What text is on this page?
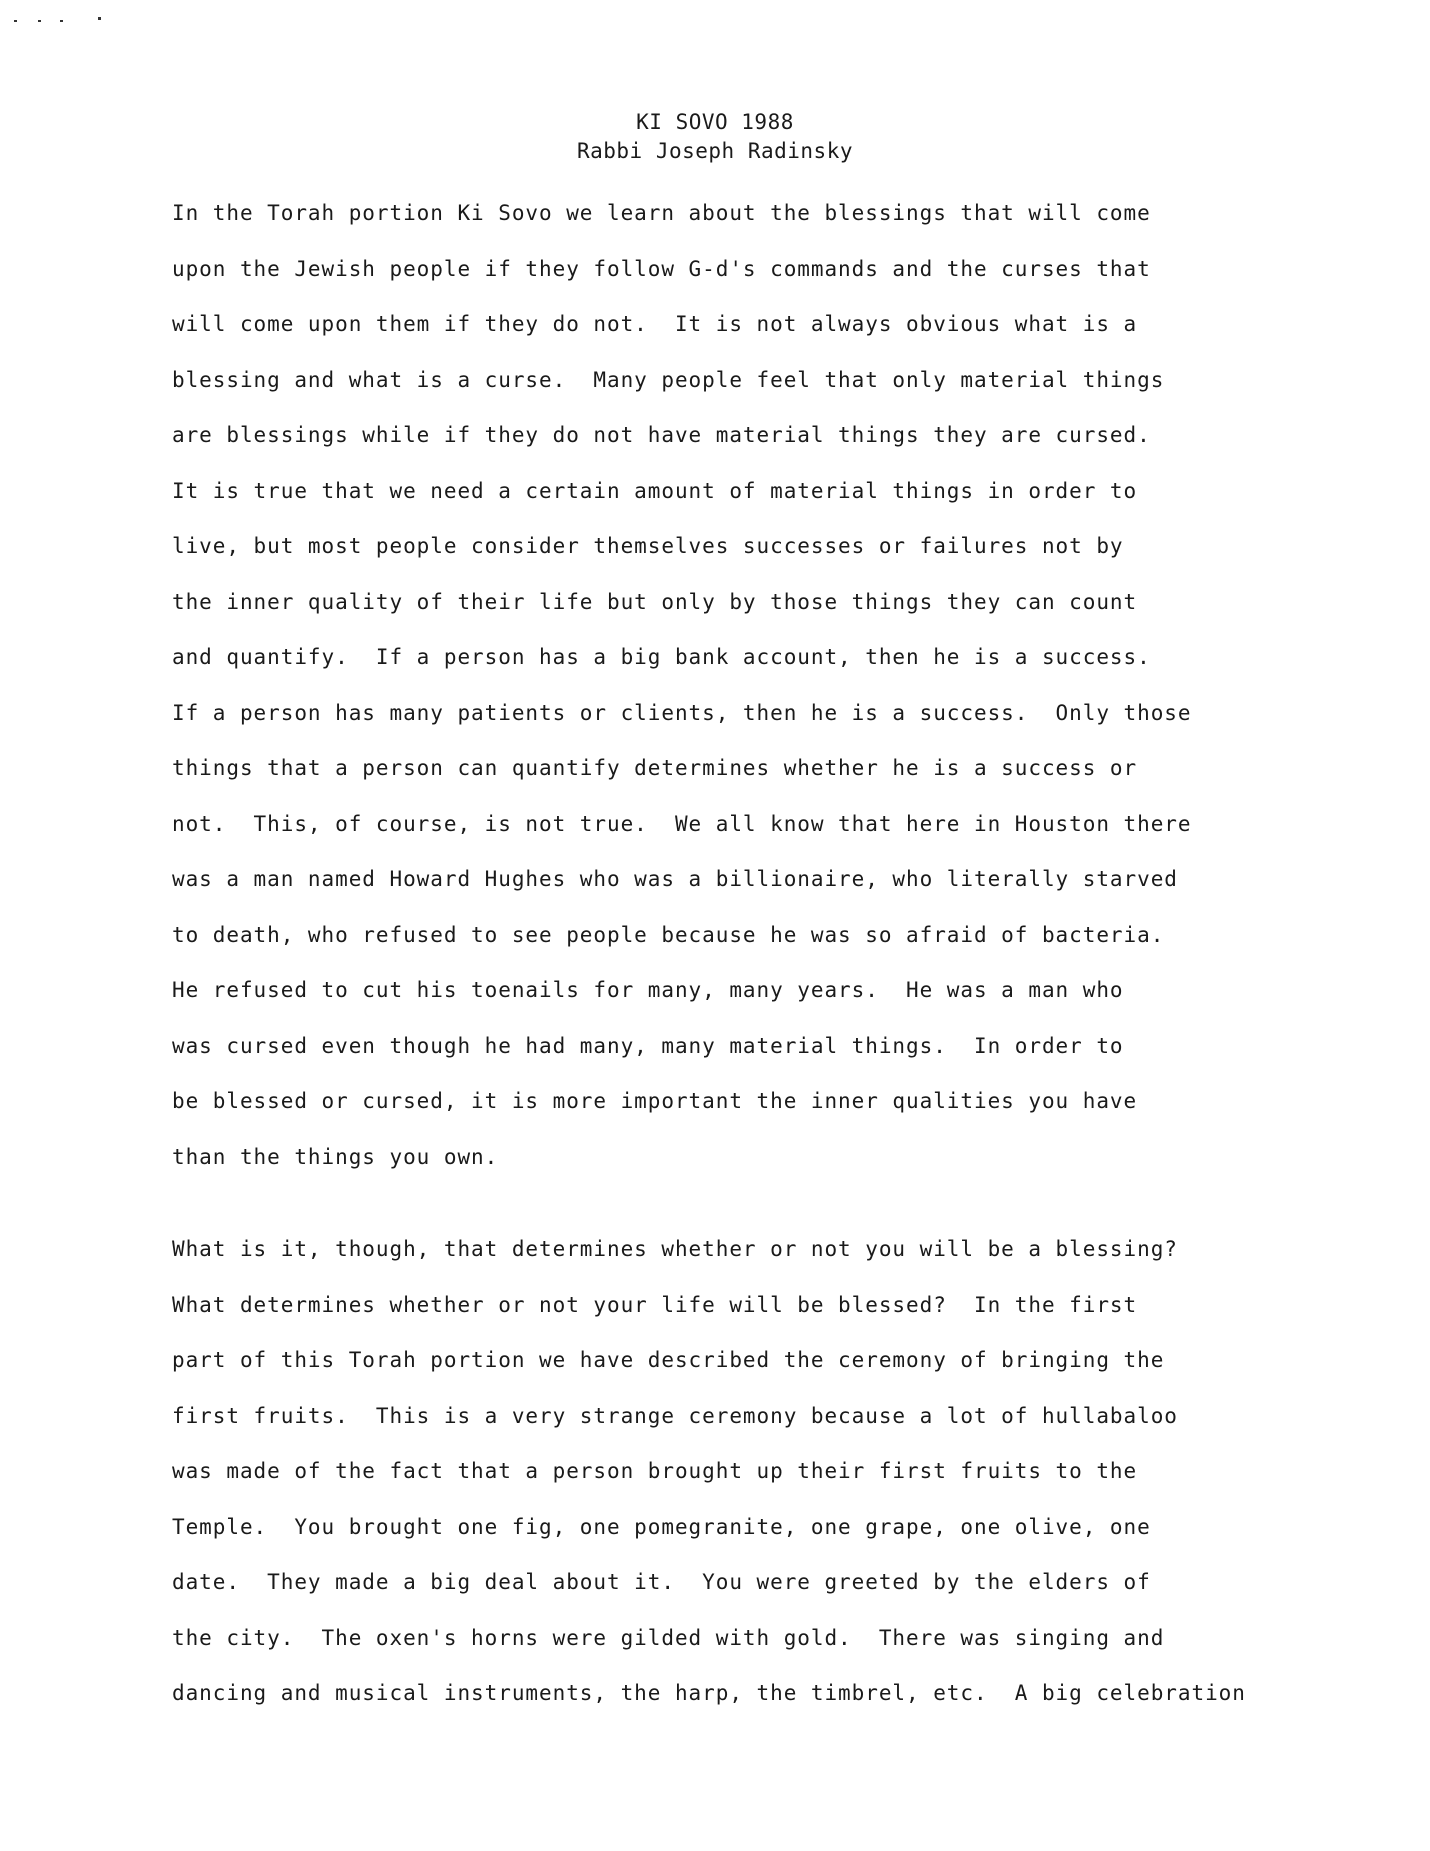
KI SOVO 1988
Rabbi Joseph Radinsky
In the Torah portion Ki Sovo we learn about the blessings that will come
upon the Jewish people if they follow G-d's commands and the curses that
will come upon them if they do not.  It is not always obvious what is a
blessing and what is a curse.  Many people feel that only material things
are blessings while if they do not have material things they are cursed.
It is true that we need a certain amount of material things in order to
live, but most people consider themselves successes or failures not by
the inner quality of their life but only by those things they can count
and quantify.  If a person has a big bank account, then he is a success.
If a person has many patients or clients, then he is a success.  Only those
things that a person can quantify determines whether he is a success or
not.  This, of course, is not true.  We all know that here in Houston there
was a man named Howard Hughes who was a billionaire, who literally starved
to death, who refused to see people because he was so afraid of bacteria.
He refused to cut his toenails for many, many years.  He was a man who
was cursed even though he had many, many material things.  In order to
be blessed or cursed, it is more important the inner qualities you have
than the things you own.
What is it, though, that determines whether or not you will be a blessing?
What determines whether or not your life will be blessed?  In the first
part of this Torah portion we have described the ceremony of bringing the
first fruits.  This is a very strange ceremony because a lot of hullabaloo
was made of the fact that a person brought up their first fruits to the
Temple.  You brought one fig, one pomegranite, one grape, one olive, one
date.  They made a big deal about it.  You were greeted by the elders of
the city.  The oxen's horns were gilded with gold.  There was singing and
dancing and musical instruments, the harp, the timbrel, etc.  A big celebration
